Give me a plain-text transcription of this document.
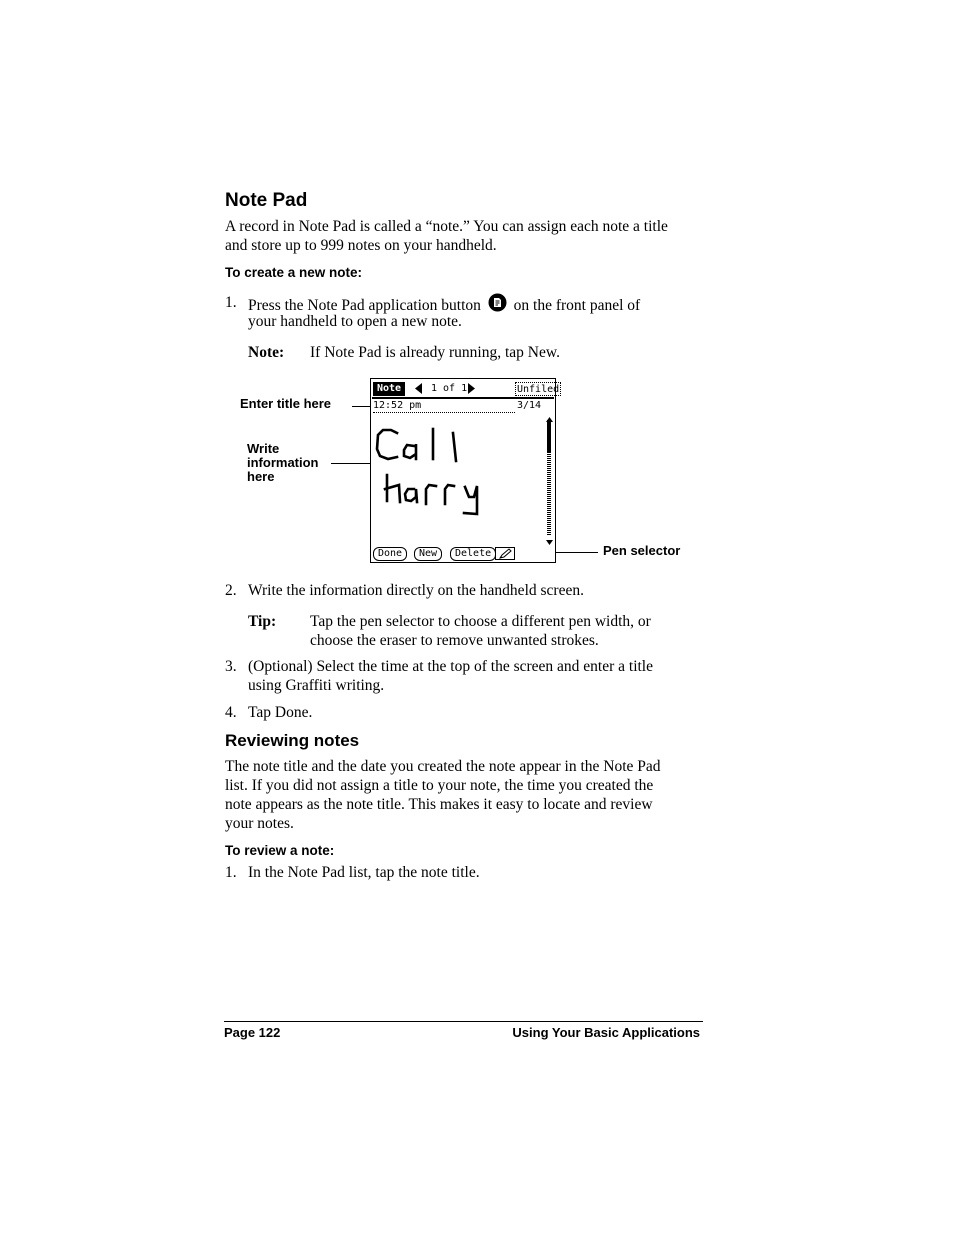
Note Pad
A record in Note Pad is called a “note.” You can assign each note a title
and store up to 999 notes on your handheld.
To create a new note:
1. Press the Note Pad application button on the front panel of
your handheld to open a new note.
Note: If Note Pad is already running, tap New.
Enter title here
Write
information
here
Pen selector
Note	1 of 1	Unfiled
12:52 pm	3/14
Done	New	Delete
2. Write the information directly on the handheld screen.
Tip: Tap the pen selector to choose a different pen width, or
choose the eraser to remove unwanted strokes.
3. (Optional) Select the time at the top of the screen and enter a title
using Graffiti writing.
4. Tap Done.
Reviewing notes
The note title and the date you created the note appear in the Note Pad
list. If you did not assign a title to your note, the time you created the
note appears as the note title. This makes it easy to locate and review
your notes.
To review a note:
1. In the Note Pad list, tap the note title.
Page 122	Using Your Basic Applications
